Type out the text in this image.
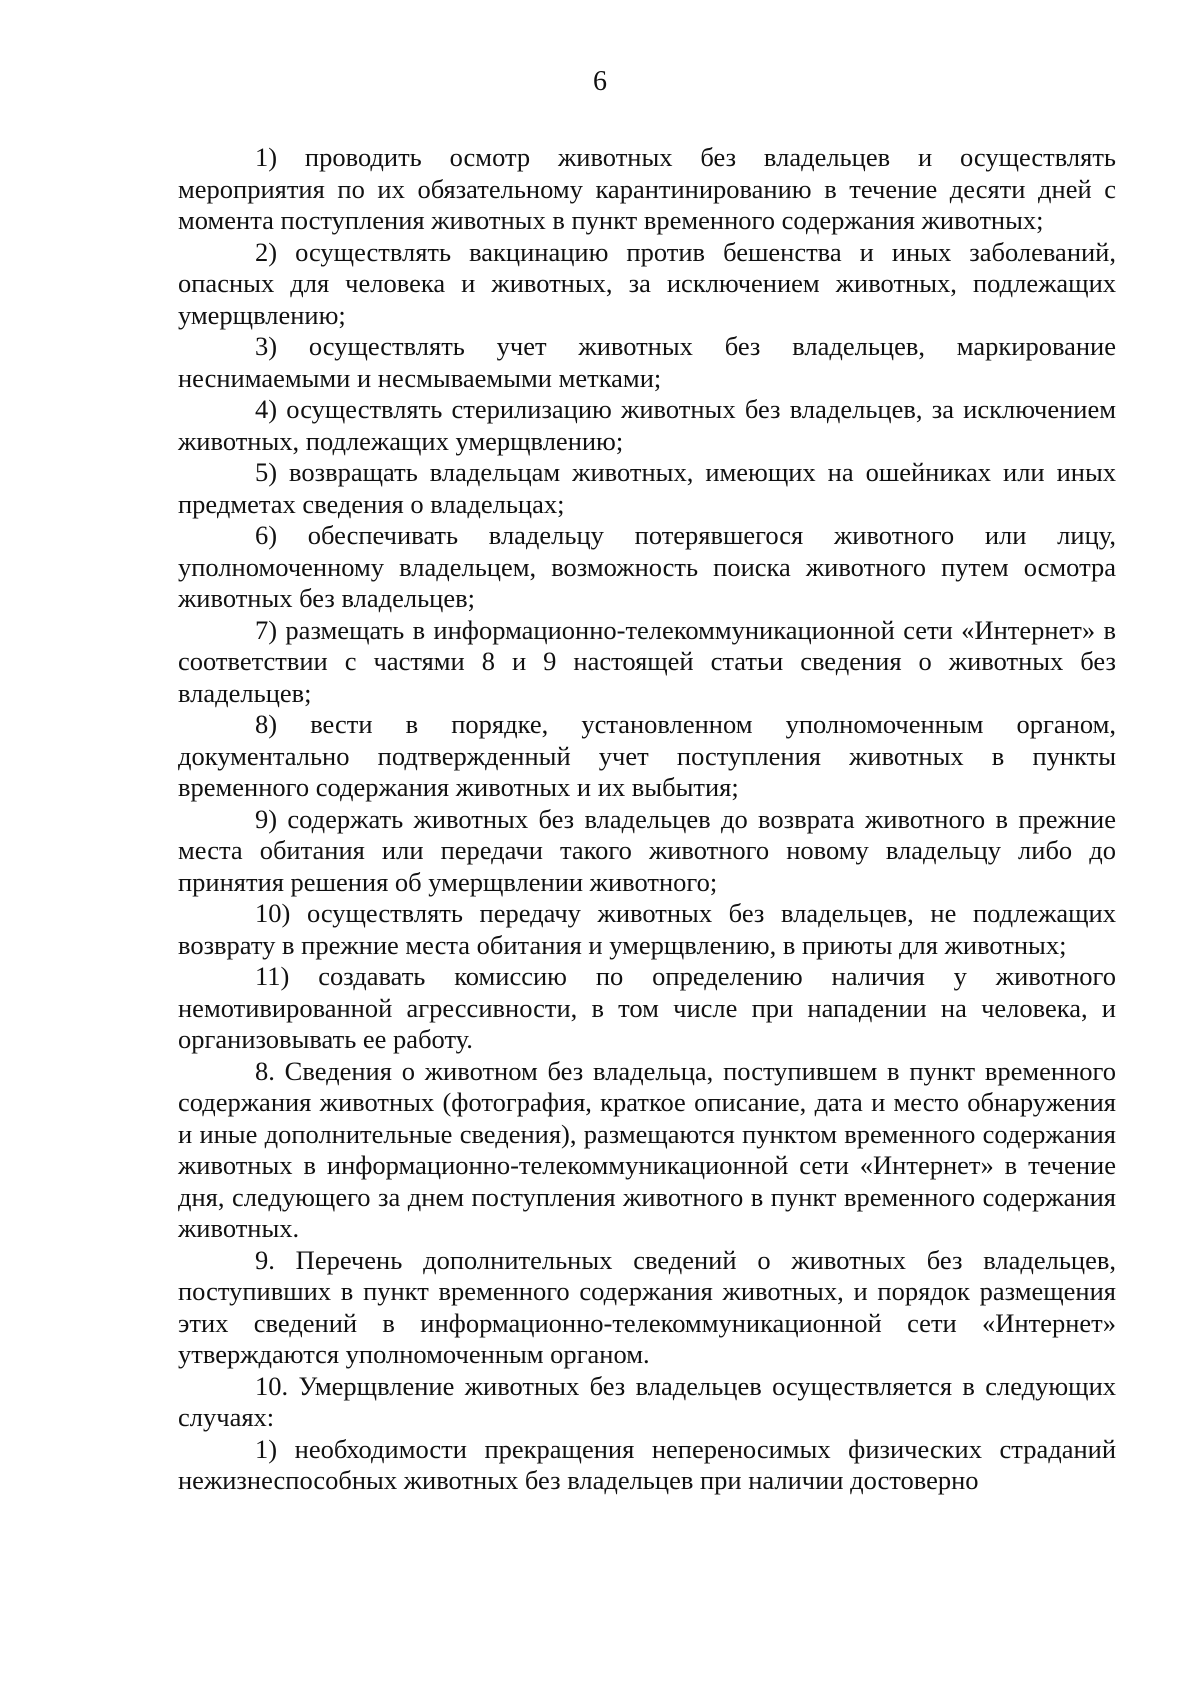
6

1) проводить осмотр животных без владельцев и осуществлять мероприятия по их обязательному карантинированию в течение десяти дней с момента поступления животных в пункт временного содержания животных;

2) осуществлять вакцинацию против бешенства и иных заболеваний, опасных для человека и животных, за исключением животных, подлежащих умерщвлению;

3) осуществлять учет животных без владельцев, маркирование неснимаемыми и несмываемыми метками;

4) осуществлять стерилизацию животных без владельцев, за исключением животных, подлежащих умерщвлению;

5) возвращать владельцам животных, имеющих на ошейниках или иных предметах сведения о владельцах;

6) обеспечивать владельцу потерявшегося животного или лицу, уполномоченному владельцем, возможность поиска животного путем осмотра животных без владельцев;

7) размещать в информационно-телекоммуникационной сети «Интернет» в соответствии с частями 8 и 9 настоящей статьи сведения о животных без владельцев;

8) вести в порядке, установленном уполномоченным органом, документально подтвержденный учет поступления животных в пункты временного содержания животных и их выбытия;

9) содержать животных без владельцев до возврата животного в прежние места обитания или передачи такого животного новому владельцу либо до принятия решения об умерщвлении животного;

10) осуществлять передачу животных без владельцев, не подлежащих возврату в прежние места обитания и умерщвлению, в приюты для животных;

11) создавать комиссию по определению наличия у животного немотивированной агрессивности, в том числе при нападении на человека, и организовывать ее работу.

8. Сведения о животном без владельца, поступившем в пункт временного содержания животных (фотография, краткое описание, дата и место обнаружения и иные дополнительные сведения), размещаются пунктом временного содержания животных в информационно-телекоммуникационной сети «Интернет» в течение дня, следующего за днем поступления животного в пункт временного содержания животных.

9. Перечень дополнительных сведений о животных без владельцев, поступивших в пункт временного содержания животных, и порядок размещения этих сведений в информационно-телекоммуникационной сети «Интернет» утверждаются уполномоченным органом.

10. Умерщвление животных без владельцев осуществляется в следующих случаях:

1) необходимости прекращения непереносимых физических страданий нежизнеспособных животных без владельцев при наличии достоверно
